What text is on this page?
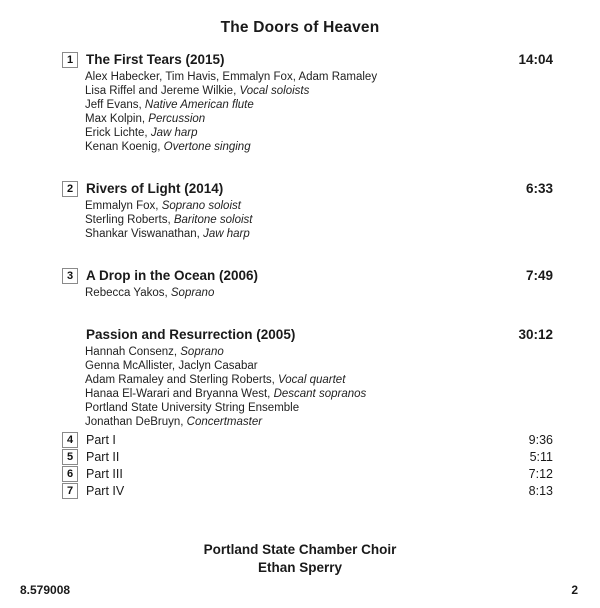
The Doors of Heaven
1 The First Tears (2015)	14:04
Alex Habecker, Tim Havis, Emmalyn Fox, Adam Ramaley
Lisa Riffel and Jereme Wilkie, Vocal soloists
Jeff Evans, Native American flute
Max Kolpin, Percussion
Erick Lichte, Jaw harp
Kenan Koenig, Overtone singing
2 Rivers of Light (2014)	6:33
Emmalyn Fox, Soprano soloist
Sterling Roberts, Baritone soloist
Shankar Viswanathan, Jaw harp
3 A Drop in the Ocean (2006)	7:49
Rebecca Yakos, Soprano
Passion and Resurrection (2005)	30:12
Hannah Consenz, Soprano
Genna McAllister, Jaclyn Casabar
Adam Ramaley and Sterling Roberts, Vocal quartet
Hanaa El-Warari and Bryanna West, Descant sopranos
Portland State University String Ensemble
Jonathan DeBruyn, Concertmaster
4 Part I	9:36
5 Part II	5:11
6 Part III	7:12
7 Part IV	8:13
Portland State Chamber Choir
Ethan Sperry
8.579008	2
